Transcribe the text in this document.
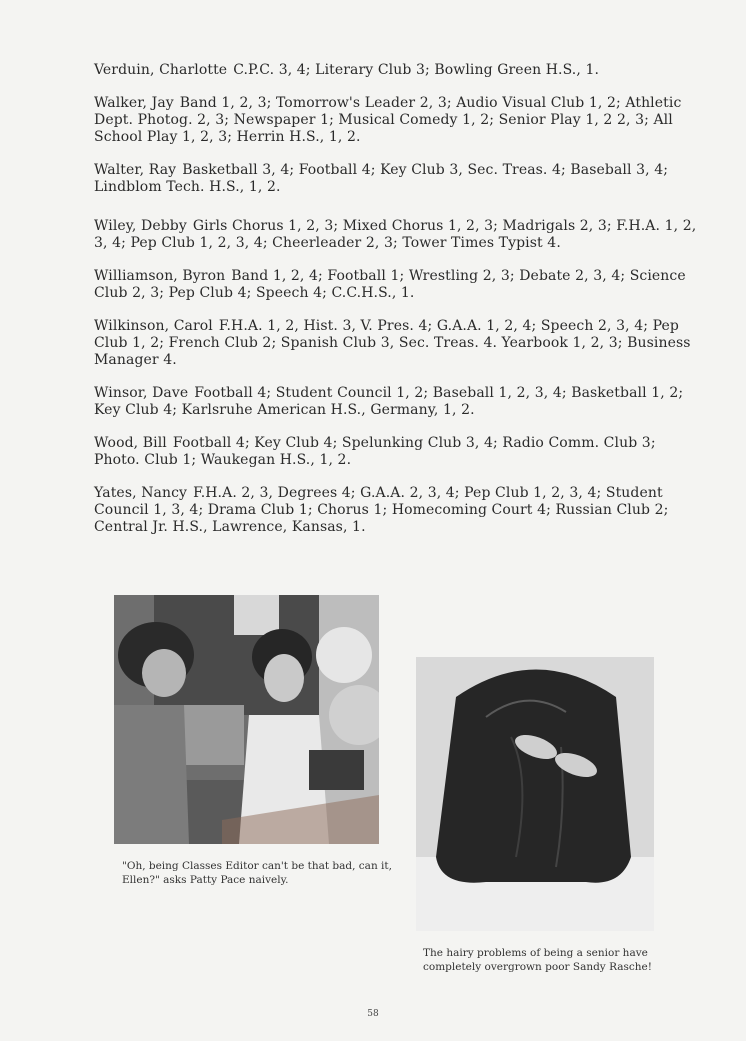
Verduin, Charlotte C.P.C. 3, 4; Literary Club 3; Bowling Green H.S., 1.

Walker, Jay Band 1, 2, 3; Tomorrow's Leader 2, 3; Audio Visual Club 1, 2; Athletic Dept. Photog. 2, 3; Newspaper 1; Musical Comedy 1, 2; Senior Play 1, 2 2, 3; All School Play 1, 2, 3; Herrin H.S., 1, 2.

Walter, Ray Basketball 3, 4; Football 4; Key Club 3, Sec. Treas. 4; Baseball 3, 4; Lindblom Tech. H.S., 1, 2.

Wiley, Debby Girls Chorus 1, 2, 3; Mixed Chorus 1, 2, 3; Madrigals 2, 3; F.H.A. 1, 2, 3, 4; Pep Club 1, 2, 3, 4; Cheerleader 2, 3; Tower Times Typist 4.

Williamson, Byron Band 1, 2, 4; Football 1; Wrestling 2, 3; Debate 2, 3, 4; Science Club 2, 3; Pep Club 4; Speech 4; C.C.H.S., 1.

Wilkinson, Carol F.H.A. 1, 2, Hist. 3, V. Pres. 4; G.A.A. 1, 2, 4; Speech 2, 3, 4; Pep Club 1, 2; French Club 2; Spanish Club 3, Sec. Treas. 4. Yearbook 1, 2, 3; Business Manager 4.

Winsor, Dave Football 4; Student Council 1, 2; Baseball 1, 2, 3, 4; Basketball 1, 2; Key Club 4; Karlsruhe American H.S., Germany, 1, 2.

Wood, Bill Football 4; Key Club 4; Spelunking Club 3, 4; Radio Comm. Club 3; Photo. Club 1; Waukegan H.S., 1, 2.

Yates, Nancy F.H.A. 2, 3, Degrees 4; G.A.A. 2, 3, 4; Pep Club 1, 2, 3, 4; Student Council 1, 3, 4; Drama Club 1; Chorus 1; Homecoming Court 4; Russian Club 2; Central Jr. H.S., Lawrence, Kansas, 1.

"Oh, being Classes Editor can't be that bad, can it, Ellen?" asks Patty Pace naively.
The hairy problems of being a senior have completely overgrown poor Sandy Rasche!
58
